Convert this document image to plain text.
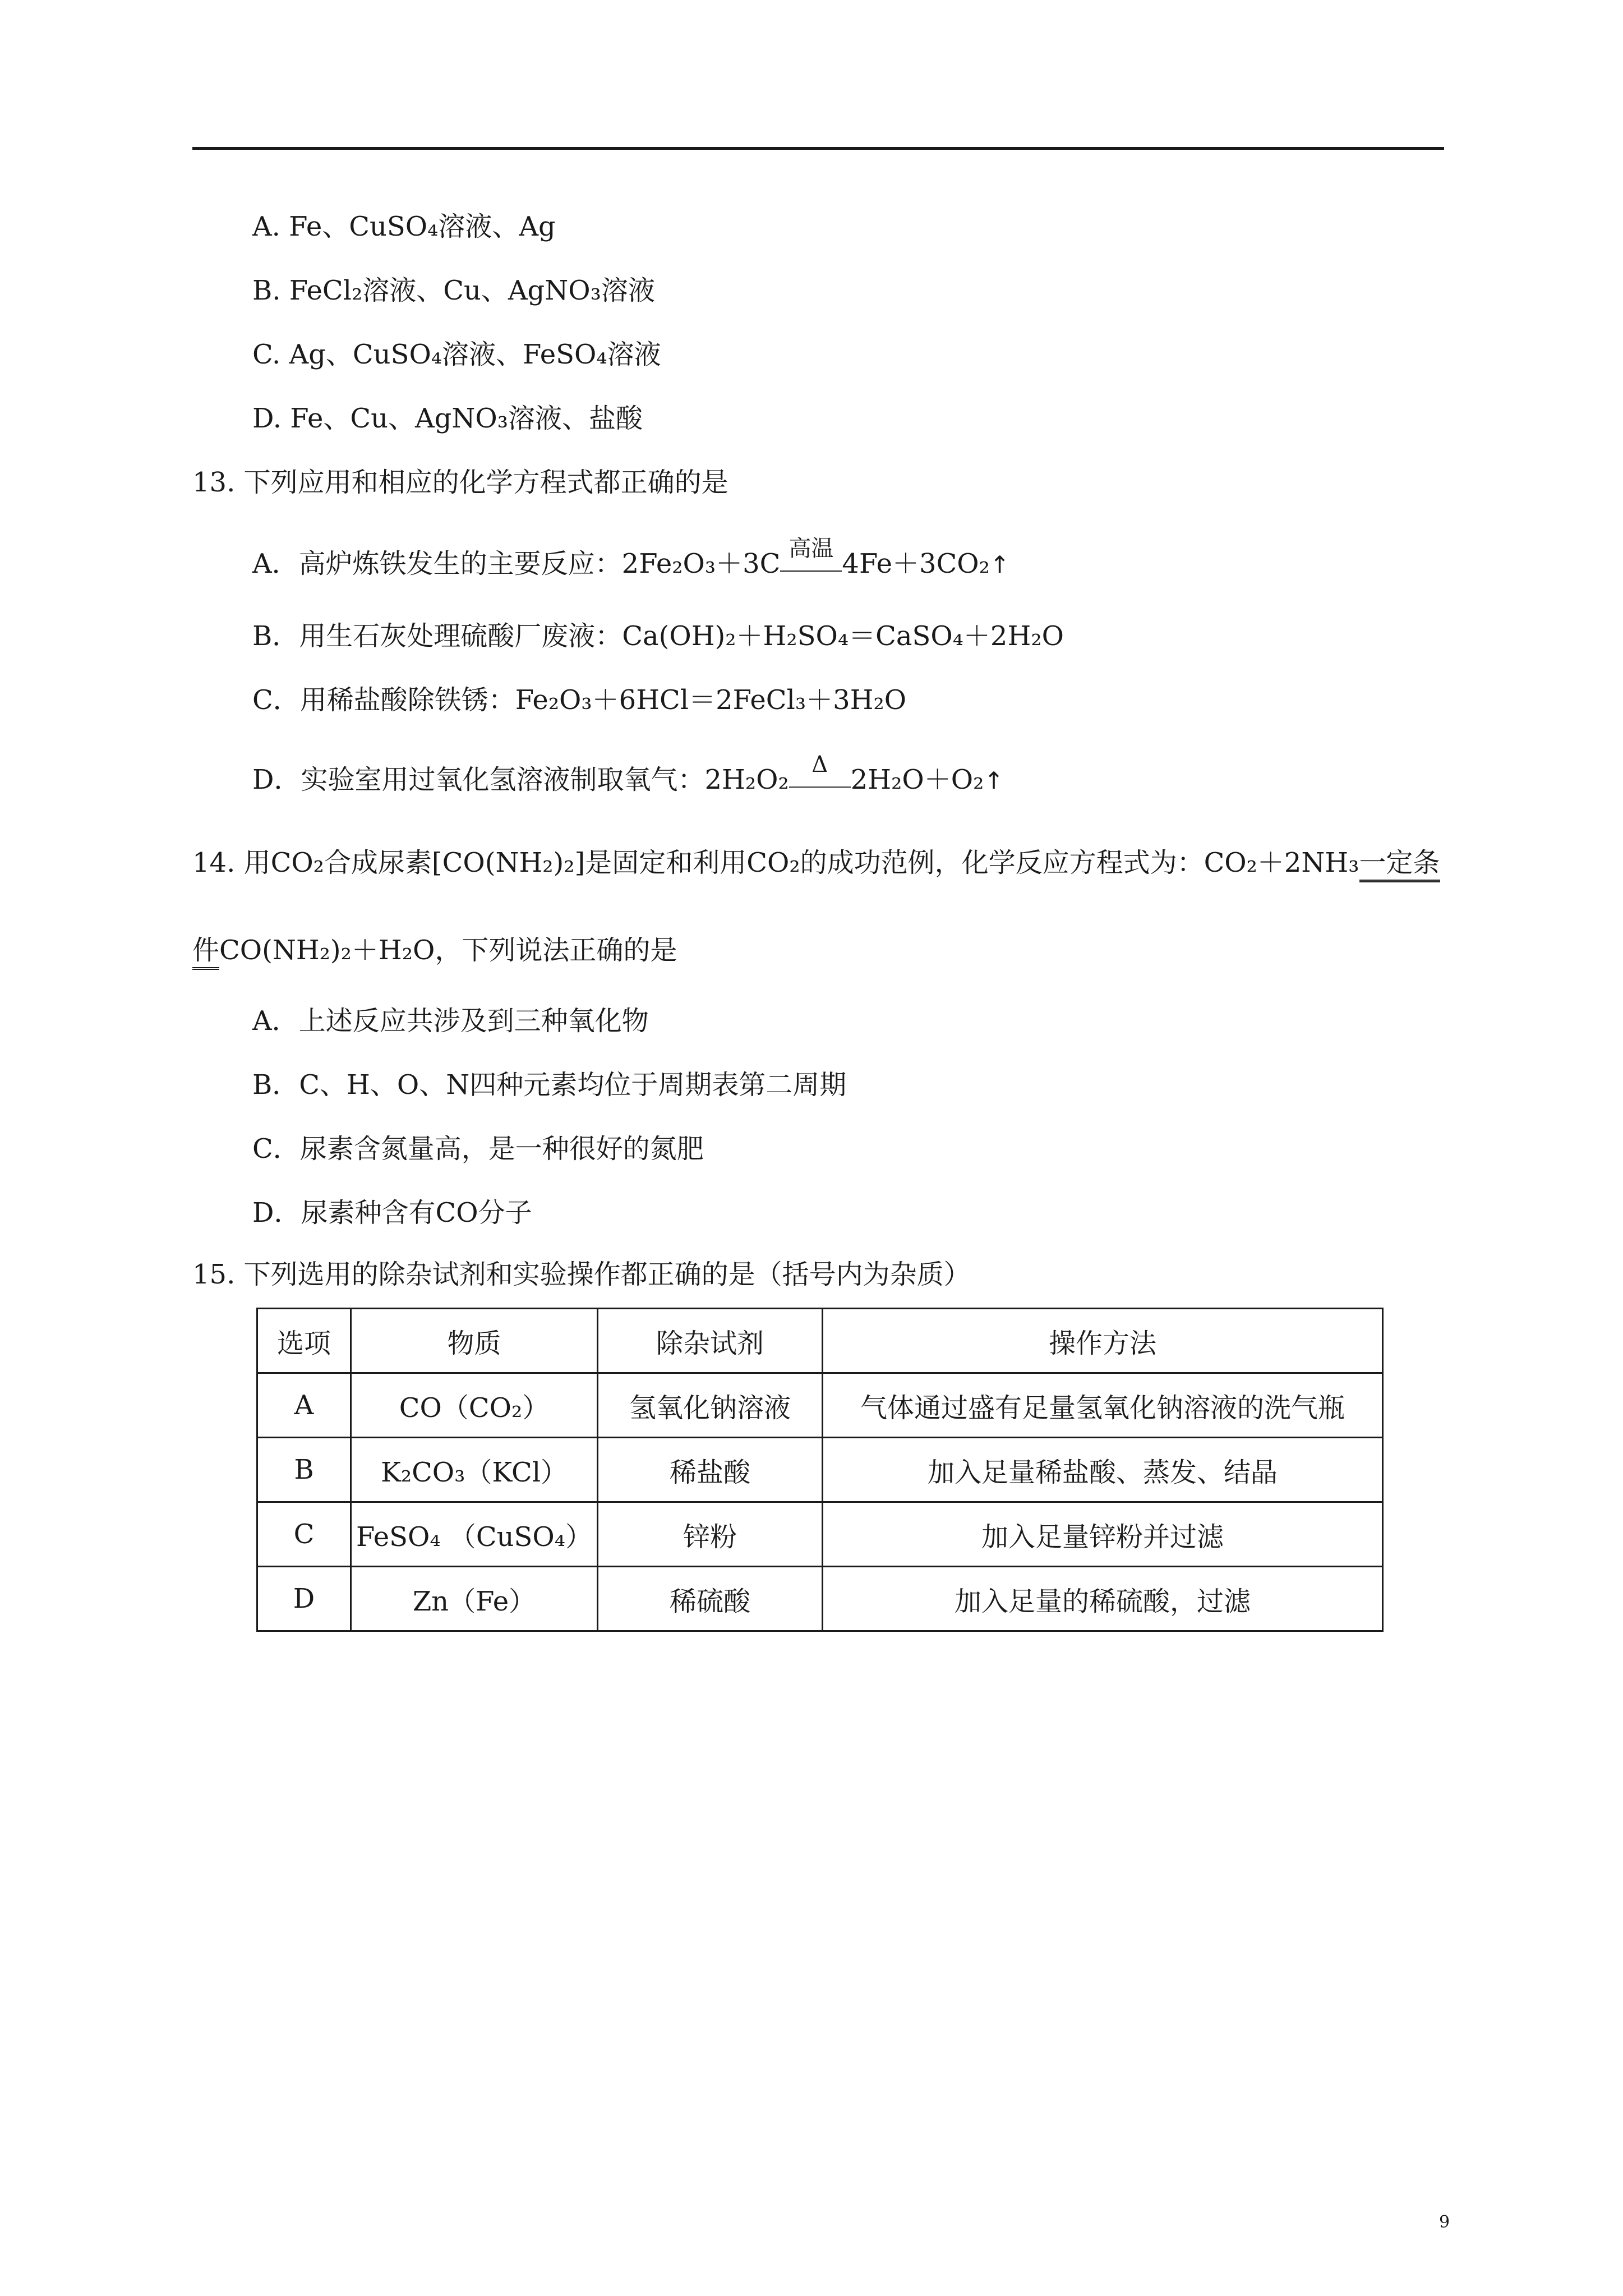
A. Fe、CuSO₄溶液、Ag
B. FeCl₂溶液、Cu、AgNO₃溶液
C. Ag、CuSO₄溶液、FeSO₄溶液
D. Fe、Cu、AgNO₃溶液、盐酸
13. 下列应用和相应的化学方程式都正确的是
A．高炉炼铁发生的主要反应：2Fe₂O₃＋3C 高温 4Fe＋3CO₂↑
B．用生石灰处理硫酸厂废液：Ca(OH)₂＋H₂SO₄＝CaSO₄＋2H₂O
C．用稀盐酸除铁锈：Fe₂O₃＋6HCl＝2FeCl₃＋3H₂O
D．实验室用过氧化氢溶液制取氧气：2H₂O₂	Δ 2H₂O＋O₂↑
14. 用CO₂合成尿素[CO(NH₂)₂]是固定和利用CO₂的成功范例，化学反应方程式为：CO₂＋2NH₃一定条
件CO(NH₂)₂＋H₂O，下列说法正确的是
A．上述反应共涉及到三种氧化物
B．C、H、O、N四种元素均位于周期表第二周期
C．尿素含氮量高，是一种很好的氮肥
D．尿素种含有CO分子
15. 下列选用的除杂试剂和实验操作都正确的是（括号内为杂质）
选项	物质	除杂试剂	操作方法
A	CO（CO₂）	氢氧化钠溶液	气体通过盛有足量氢氧化钠溶液的洗气瓶
B	K₂CO₃（KCl）	稀盐酸	加入足量稀盐酸、蒸发、结晶
C	FeSO₄ （CuSO₄）	锌粉	加入足量锌粉并过滤
D	Zn（Fe）	稀硫酸	加入足量的稀硫酸，过滤
9
